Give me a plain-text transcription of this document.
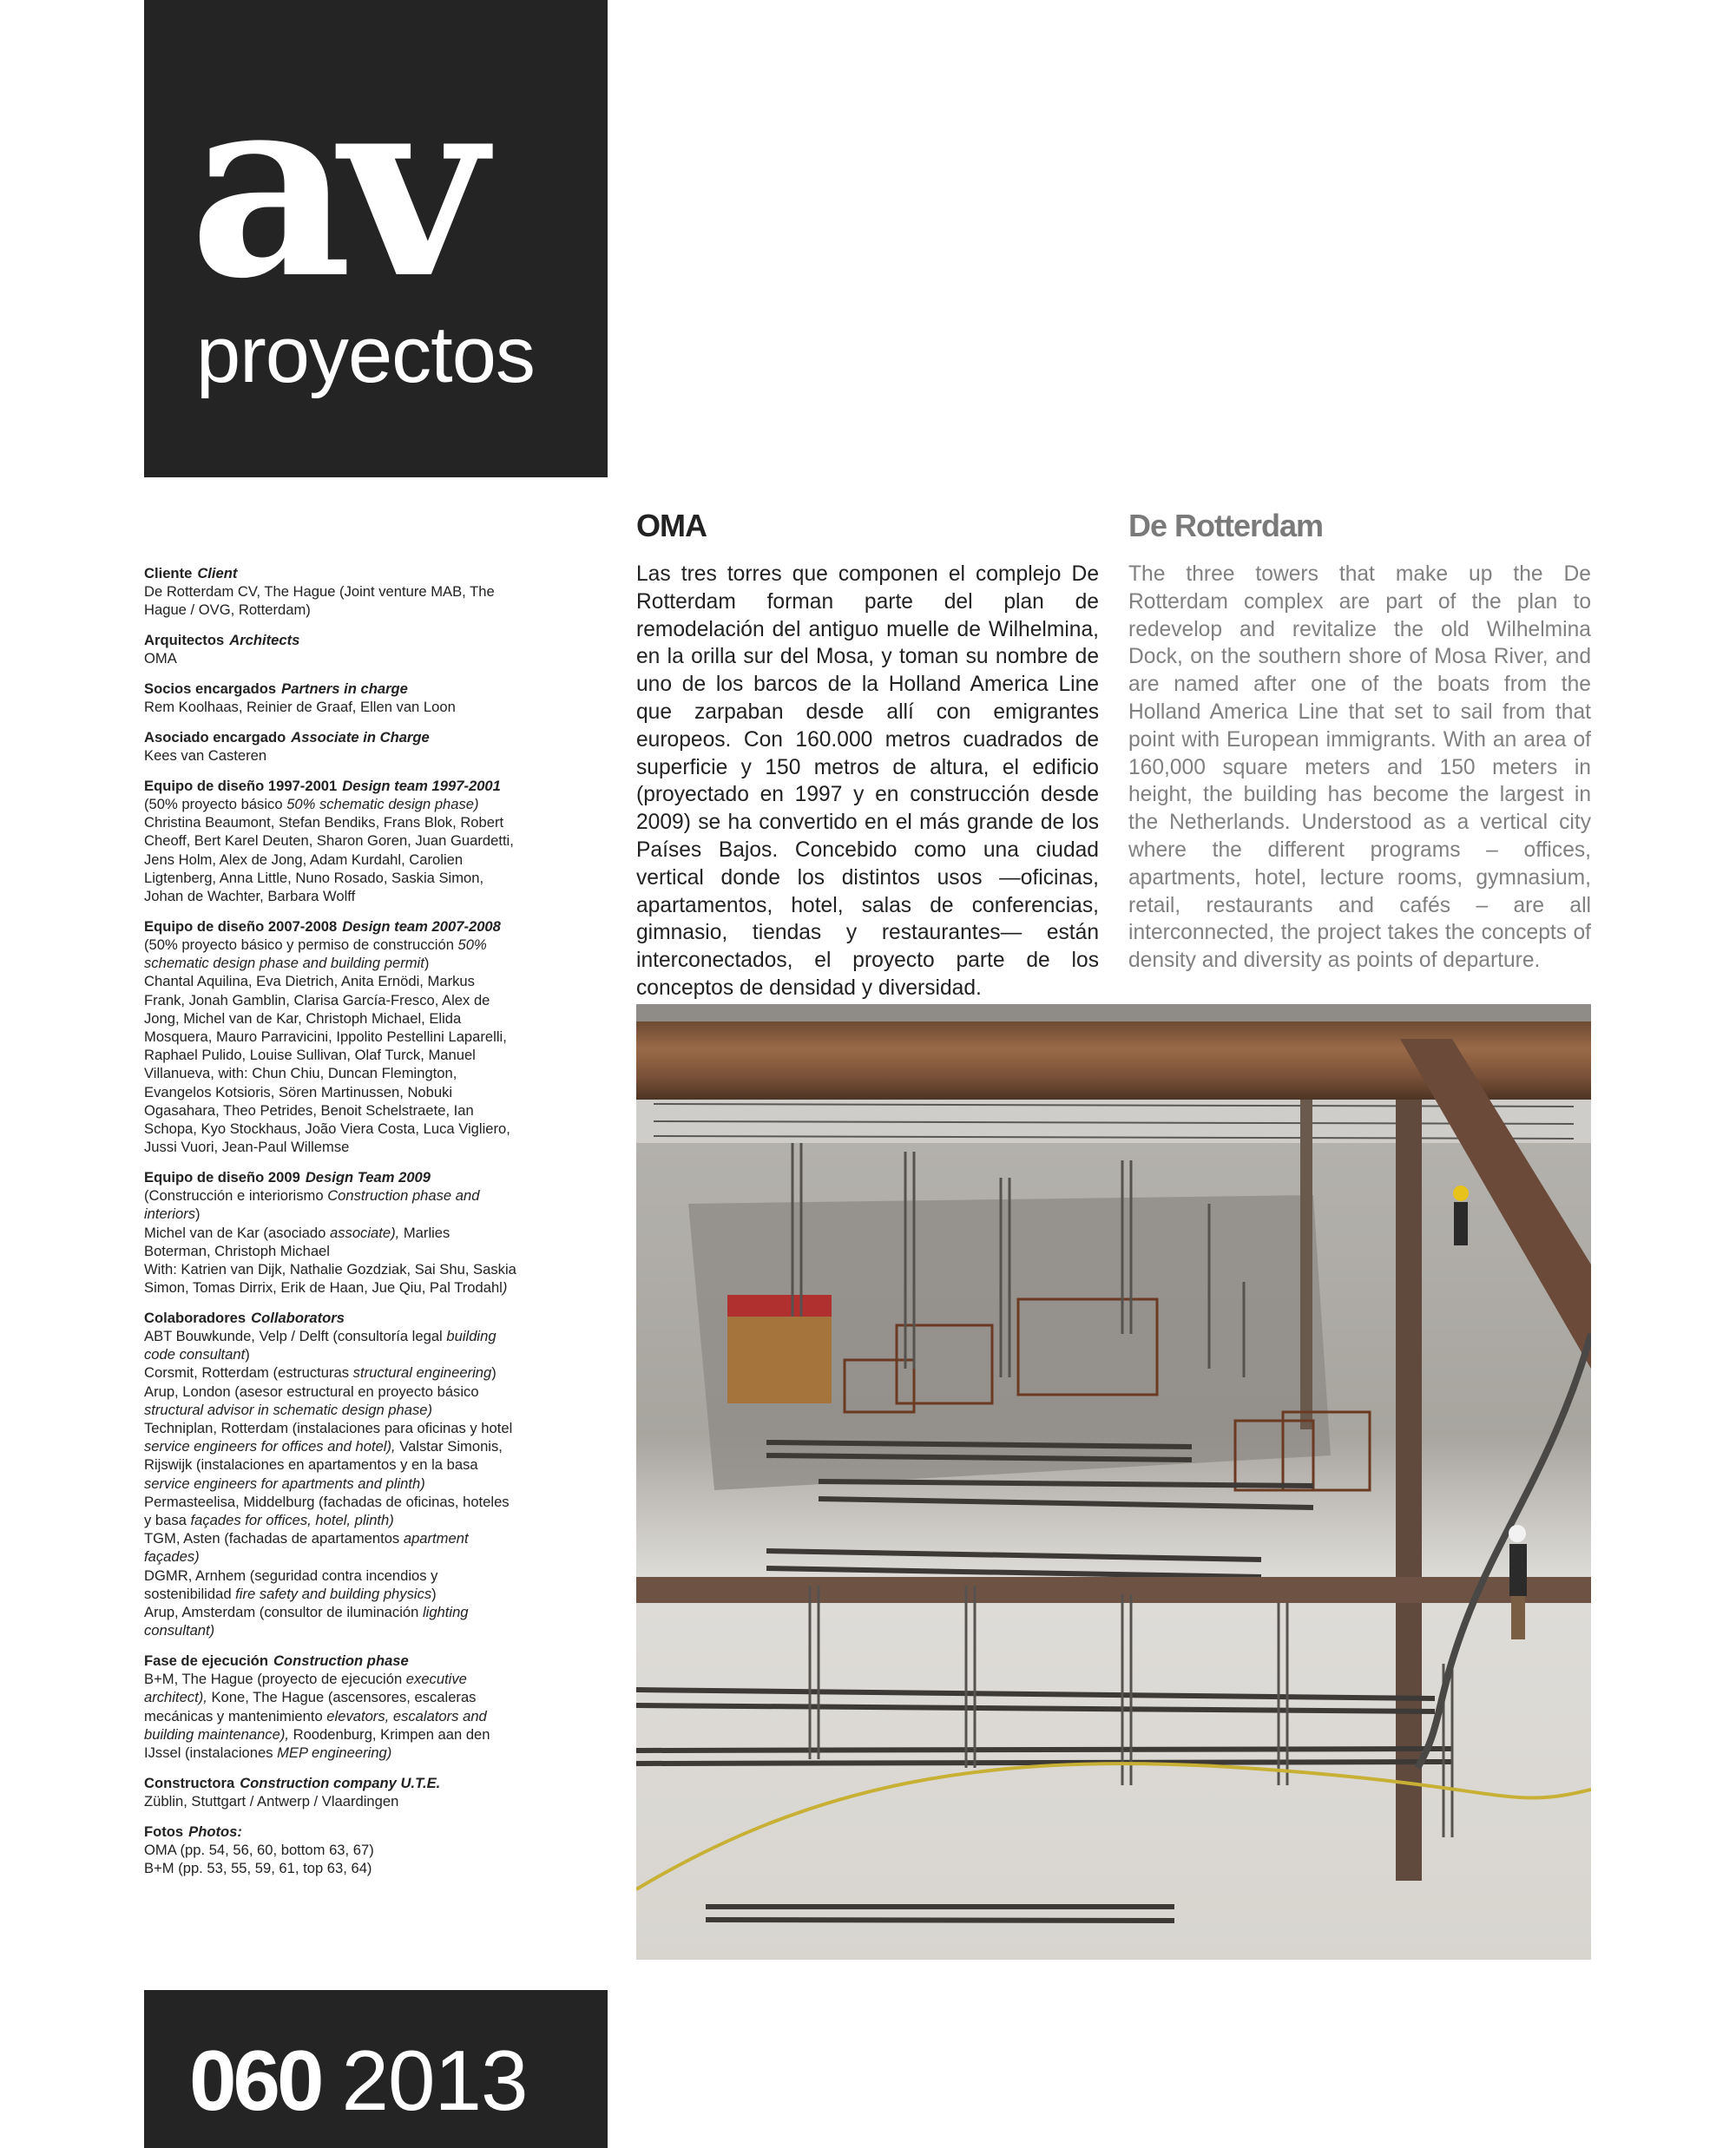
av
proyectos
Cliente Client
De Rotterdam CV, The Hague (Joint venture MAB, The Hague / OVG, Rotterdam)
Arquitectos Architects
OMA
Socios encargados Partners in charge
Rem Koolhaas, Reinier de Graaf, Ellen van Loon
Asociado encargado Associate in Charge
Kees van Casteren
Equipo de diseño 1997-2001 Design team 1997-2001
(50% proyecto básico 50% schematic design phase)
Christina Beaumont, Stefan Bendiks, Frans Blok, Robert Cheoff, Bert Karel Deuten, Sharon Goren, Juan Guardetti, Jens Holm, Alex de Jong, Adam Kurdahl, Carolien Ligtenberg, Anna Little, Nuno Rosado, Saskia Simon, Johan de Wachter, Barbara Wolff
Equipo de diseño 2007-2008 Design team 2007-2008
(50% proyecto básico y permiso de construcción 50% schematic design phase and building permit)
Chantal Aquilina, Eva Dietrich, Anita Ernödi, Markus Frank, Jonah Gamblin, Clarisa García-Fresco, Alex de Jong, Michel van de Kar, Christoph Michael, Elida Mosquera, Mauro Parravicini, Ippolito Pestellini Laparelli, Raphael Pulido, Louise Sullivan, Olaf Turck, Manuel Villanueva, with: Chun Chiu, Duncan Flemington, Evangelos Kotsioris, Sören Martinussen, Nobuki Ogasahara, Theo Petrides, Benoit Schelstraete, Ian Schopa, Kyo Stockhaus, João Viera Costa, Luca Vigliero, Jussi Vuori, Jean-Paul Willemse
Equipo de diseño 2009 Design Team 2009
(Construcción e interiorismo Construction phase and interiors)
Michel van de Kar (asociado associate), Marlies Boterman, Christoph Michael
With: Katrien van Dijk, Nathalie Gozdziak, Sai Shu, Saskia Simon, Tomas Dirrix, Erik de Haan, Jue Qiu, Pal Trodahl)
Colaboradores Collaborators
ABT Bouwkunde, Velp / Delft (consultoría legal building code consultant)
Corsmit, Rotterdam (estructuras structural engineering)
Arup, London (asesor estructural en proyecto básico structural advisor in schematic design phase)
Techniplan, Rotterdam (instalaciones para oficinas y hotel service engineers for offices and hotel), Valstar Simonis, Rijswijk (instalaciones en apartamentos y en la basa service engineers for apartments and plinth)
Permasteelisa, Middelburg (fachadas de oficinas, hoteles y basa façades for offices, hotel, plinth)
TGM, Asten (fachadas de apartamentos apartment façades)
DGMR, Arnhem (seguridad contra incendios y sostenibilidad fire safety and building physics)
Arup, Amsterdam (consultor de iluminación lighting consultant)
Fase de ejecución Construction phase
B+M, The Hague (proyecto de ejecución executive architect), Kone, The Hague (ascensores, escaleras mecánicas y mantenimiento elevators, escalators and building maintenance), Roodenburg, Krimpen aan den IJssel (instalaciones MEP engineering)
Constructora Construction company U.T.E.
Züblin, Stuttgart / Antwerp / Vlaardingen
Fotos Photos:
OMA (pp. 54, 56, 60, bottom 63, 67)
B+M (pp. 53, 55, 59, 61, top 63, 64)
OMA

Las tres torres que componen el complejo De Rotterdam forman parte del plan de remodelación del antiguo muelle de Wilhelmina, en la orilla sur del Mosa, y toman su nombre de uno de los barcos de la Holland America Line que zarpaban desde allí con emigrantes europeos. Con 160.000 metros cuadrados de superficie y 150 metros de altura, el edificio (proyectado en 1997 y en construcción desde 2009) se ha convertido en el más grande de los Países Bajos. Concebido como una ciudad vertical donde los distintos usos —oficinas, apartamentos, hotel, salas de conferencias, gimnasio, tiendas y restaurantes— están interconectados, el proyecto parte de los conceptos de densidad y diversidad.

De Rotterdam

The three towers that make up the De Rotterdam complex are part of the plan to redevelop and revitalize the old Wilhelmina Dock, on the southern shore of Mosa River, and are named after one of the boats from the Holland America Line that set to sail from that point with European immigrants. With an area of 160,000 square meters and 150 meters in height, the building has become the largest in the Netherlands. Understood as a vertical city where the different programs – offices, apartments, hotel, lecture rooms, gymnasium, retail, restaurants and cafés – are all interconnected, the project takes the concepts of density and diversity as points of departure.

060 2013
